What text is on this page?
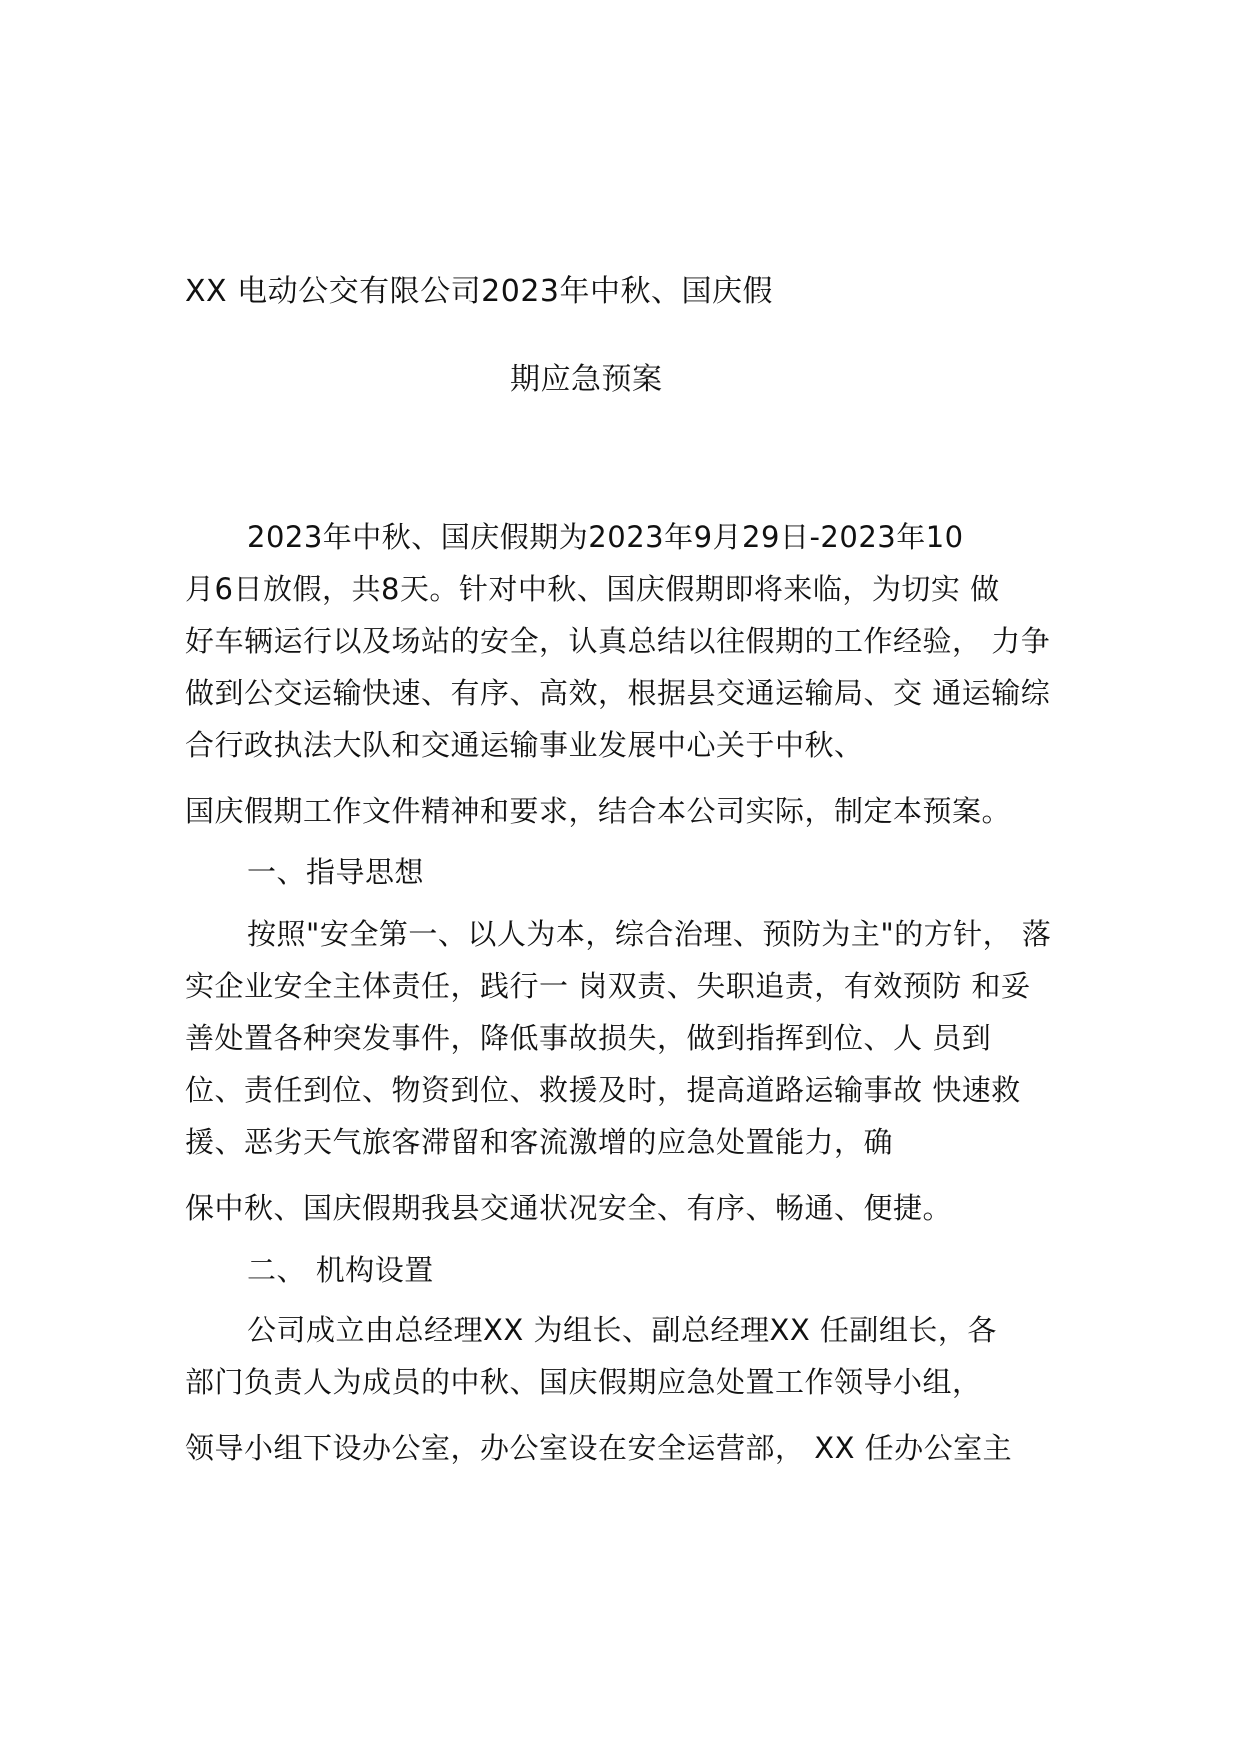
XX 电动公交有限公司2023年中秋、国庆假
期应急预案
2023年中秋、国庆假期为2023年9月29日-2023年10
月6日放假，共8天。针对中秋、国庆假期即将来临，为切实 做
好车辆运行以及场站的安全，认真总结以往假期的工作经验， 力争
做到公交运输快速、有序、高效，根据县交通运输局、交 通运输综
合行政执法大队和交通运输事业发展中心关于中秋、
国庆假期工作文件精神和要求，结合本公司实际，制定本预案。
一、指导思想
按照"安全第一、以人为本，综合治理、预防为主"的方针， 落
实企业安全主体责任，践行一 岗双责、失职追责，有效预防 和妥
善处置各种突发事件，降低事故损失，做到指挥到位、人 员到
位、责任到位、物资到位、救援及时，提高道路运输事故 快速救
援、恶劣天气旅客滞留和客流激增的应急处置能力，确
保中秋、国庆假期我县交通状况安全、有序、畅通、便捷。
二、 机构设置
公司成立由总经理XX 为组长、副总经理XX 任副组长，各
部门负责人为成员的中秋、国庆假期应急处置工作领导小组，
领导小组下设办公室，办公室设在安全运营部， XX 任办公室主
